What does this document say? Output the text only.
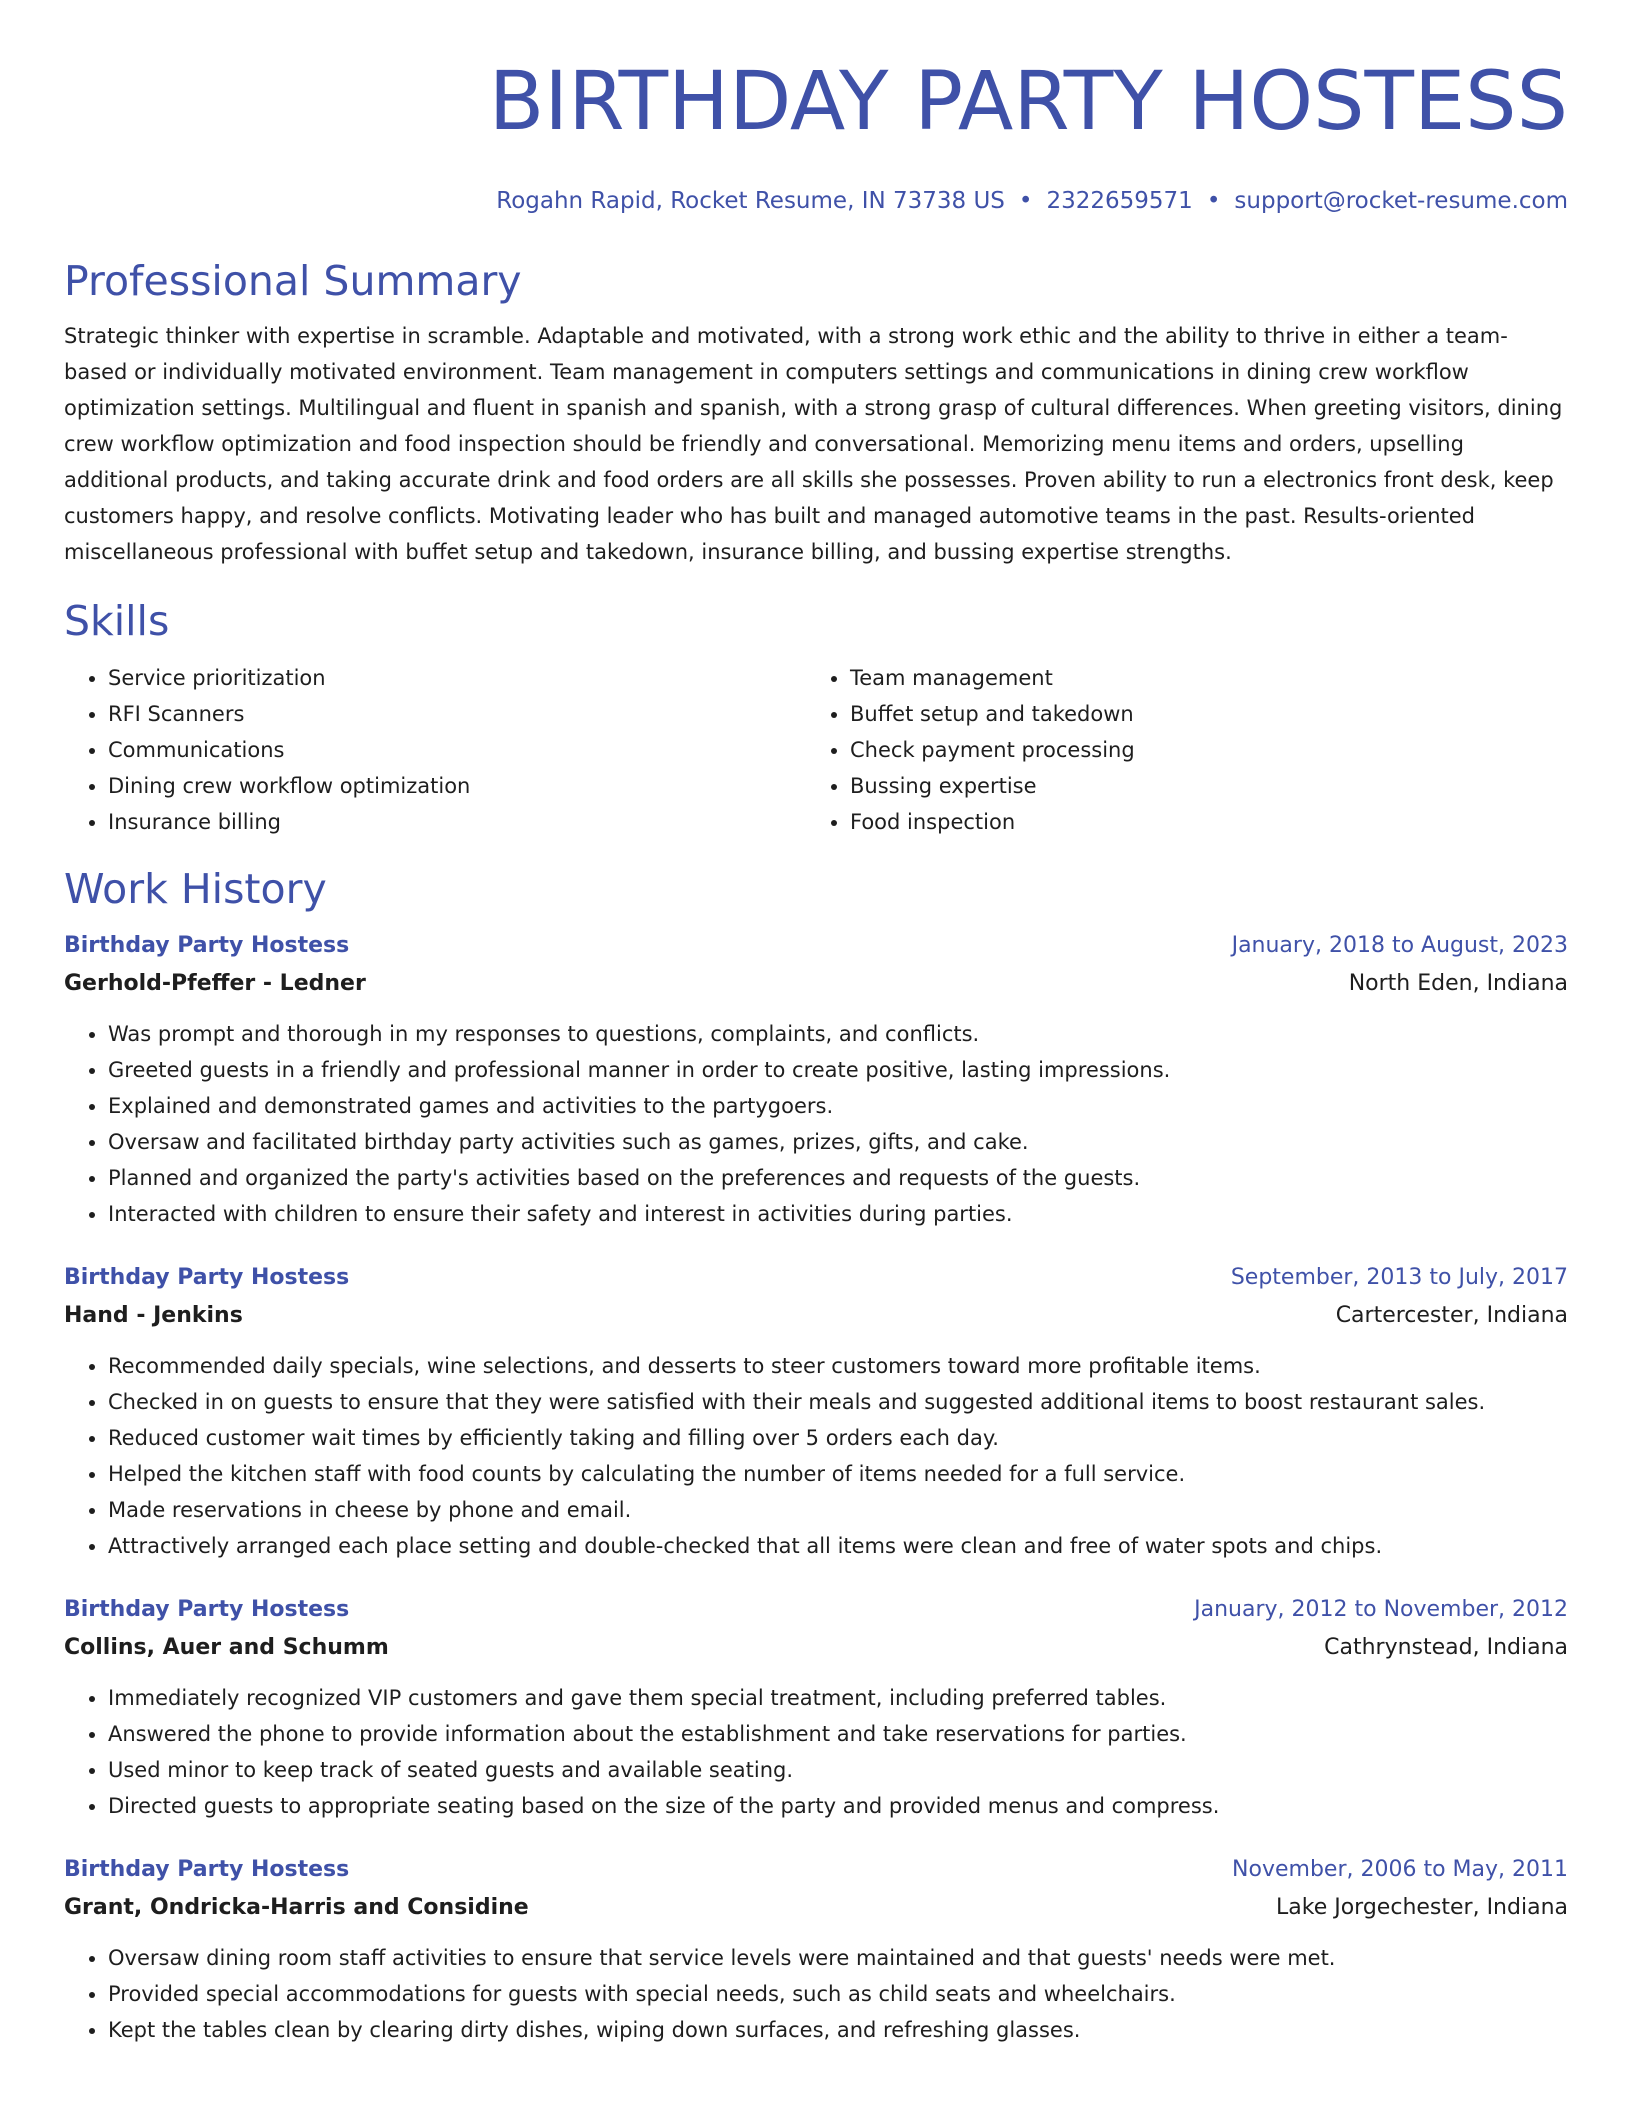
BIRTHDAY PARTY HOSTESS
Rogahn Rapid, Rocket Resume, IN 73738 US • 2322659571 • support@rocket-resume.com
Professional Summary
Strategic thinker with expertise in scramble. Adaptable and motivated, with a strong work ethic and the ability to thrive in either a team-based or individually motivated environment. Team management in computers settings and communications in dining crew workflow optimization settings. Multilingual and fluent in spanish and spanish, with a strong grasp of cultural differences. When greeting visitors, dining crew workflow optimization and food inspection should be friendly and conversational. Memorizing menu items and orders, upselling additional products, and taking accurate drink and food orders are all skills she possesses. Proven ability to run a electronics front desk, keep customers happy, and resolve conflicts. Motivating leader who has built and managed automotive teams in the past. Results-oriented miscellaneous professional with buffet setup and takedown, insurance billing, and bussing expertise strengths.
Skills
• Service prioritization
• RFI Scanners
• Communications
• Dining crew workflow optimization
• Insurance billing
• Team management
• Buffet setup and takedown
• Check payment processing
• Bussing expertise
• Food inspection
Work History
Birthday Party Hostess	January, 2018 to August, 2023
Gerhold-Pfeffer - Ledner	North Eden, Indiana
• Was prompt and thorough in my responses to questions, complaints, and conflicts.
• Greeted guests in a friendly and professional manner in order to create positive, lasting impressions.
• Explained and demonstrated games and activities to the partygoers.
• Oversaw and facilitated birthday party activities such as games, prizes, gifts, and cake.
• Planned and organized the party's activities based on the preferences and requests of the guests.
• Interacted with children to ensure their safety and interest in activities during parties.
Birthday Party Hostess	September, 2013 to July, 2017
Hand - Jenkins	Cartercester, Indiana
• Recommended daily specials, wine selections, and desserts to steer customers toward more profitable items.
• Checked in on guests to ensure that they were satisfied with their meals and suggested additional items to boost restaurant sales.
• Reduced customer wait times by efficiently taking and filling over 5 orders each day.
• Helped the kitchen staff with food counts by calculating the number of items needed for a full service.
• Made reservations in cheese by phone and email.
• Attractively arranged each place setting and double-checked that all items were clean and free of water spots and chips.
Birthday Party Hostess	January, 2012 to November, 2012
Collins, Auer and Schumm	Cathrynstead, Indiana
• Immediately recognized VIP customers and gave them special treatment, including preferred tables.
• Answered the phone to provide information about the establishment and take reservations for parties.
• Used minor to keep track of seated guests and available seating.
• Directed guests to appropriate seating based on the size of the party and provided menus and compress.
Birthday Party Hostess	November, 2006 to May, 2011
Grant, Ondricka-Harris and Considine	Lake Jorgechester, Indiana
• Oversaw dining room staff activities to ensure that service levels were maintained and that guests' needs were met.
• Provided special accommodations for guests with special needs, such as child seats and wheelchairs.
• Kept the tables clean by clearing dirty dishes, wiping down surfaces, and refreshing glasses.
